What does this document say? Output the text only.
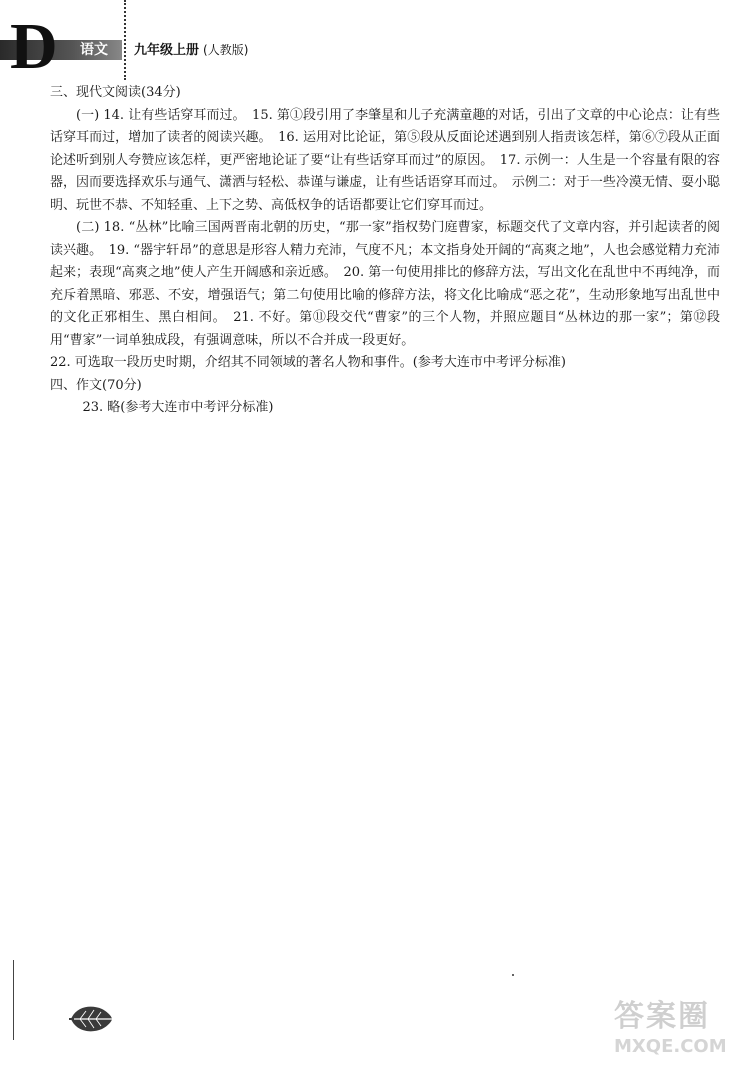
D 语文 九年级上册 (人教版)

三、现代文阅读(34分)

(一) 14. 让有些话穿耳而过。　15. 第①段引用了李肇星和儿子充满童趣的对话，引出了文章的中心论点：让有些话穿耳而过，增加了读者的阅读兴趣。　16. 运用对比论证，第⑤段从反面论述遇到别人指责该怎样，第⑥⑦段从正面论述听到别人夸赞应该怎样，更严密地论证了要“让有些话穿耳而过”的原因。　17. 示例一：人生是一个容量有限的容器，因而要选择欢乐与通气、潇洒与轻松、恭谨与谦虚，让有些话语穿耳而过。　示例二：对于一些冷漠无情、耍小聪明、玩世不恭、不知轻重、上下之势、高低权争的话语都要让它们穿耳而过。

(二) 18. “丛林”比喻三国两晋南北朝的历史，“那一家”指权势门庭曹家，标题交代了文章内容，并引起读者的阅读兴趣。　19. “器宇轩昂”的意思是形容人精力充沛，气度不凡；本文指身处开阔的“高爽之地”，人也会感觉精力充沛起来；表现“高爽之地”使人产生开阔感和亲近感。　20. 第一句使用排比的修辞方法，写出文化在乱世中不再纯净，而充斥着黑暗、邪恶、不安，增强语气；第二句使用比喻的修辞方法，将文化比喻成“恶之花”，生动形象地写出乱世中的文化正邪相生、黑白相间。　21. 不好。第⑪段交代“曹家”的三个人物，并照应题目“丛林边的那一家”；第⑫段用“曹家”一词单独成段，有强调意味，所以不合并成一段更好。

22. 可选取一段历史时期，介绍其不同领域的著名人物和事件。(参考大连市中考评分标准)

四、作文(70分)

23. 略(参考大连市中考评分标准)

答案圈
MXQE.COM
